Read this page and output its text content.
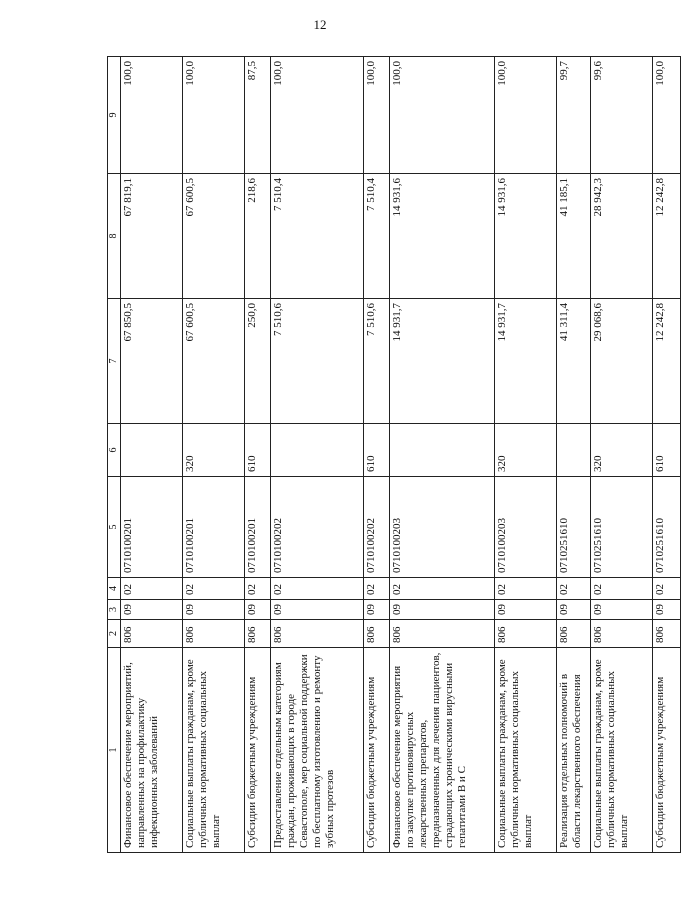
12
1	2	3	4	5	6	7	8	9
Финансовое обеспечение мероприятий, направленных на профилактику инфекционных заболеваний	806	09	02	0710100201		67 850,5	67 819,1	100,0
Социальные выплаты гражданам, кроме публичных нормативных социальных выплат	806	09	02	0710100201	320	67 600,5	67 600,5	100,0
Субсидии бюджетным учреждениям	806	09	02	0710100201	610	250,0	218,6	87,5
Предоставление отдельным категориям граждан, проживающих в городе Севастополе, мер социальной поддержки по бесплатному изготовлению и ремонту зубных протезов	806	09	02	0710100202		7 510,6	7 510,4	100,0
Субсидии бюджетным учреждениям	806	09	02	0710100202	610	7 510,6	7 510,4	100,0
Финансовое обеспечение мероприятия по закупке противовирусных лекарственных препаратов, предназначенных для лечения пациентов, страдающих хроническими вирусными гепатитами B и C	806	09	02	0710100203		14 931,7	14 931,6	100,0
Социальные выплаты гражданам, кроме публичных нормативных социальных выплат	806	09	02	0710100203	320	14 931,7	14 931,6	100,0
Реализация отдельных полномочий в области лекарственного обеспечения	806	09	02	0710251610		41 311,4	41 185,1	99,7
Социальные выплаты гражданам, кроме публичных нормативных социальных выплат	806	09	02	0710251610	320	29 068,6	28 942,3	99,6
Субсидии бюджетным учреждениям	806	09	02	0710251610	610	12 242,8	12 242,8	100,0
